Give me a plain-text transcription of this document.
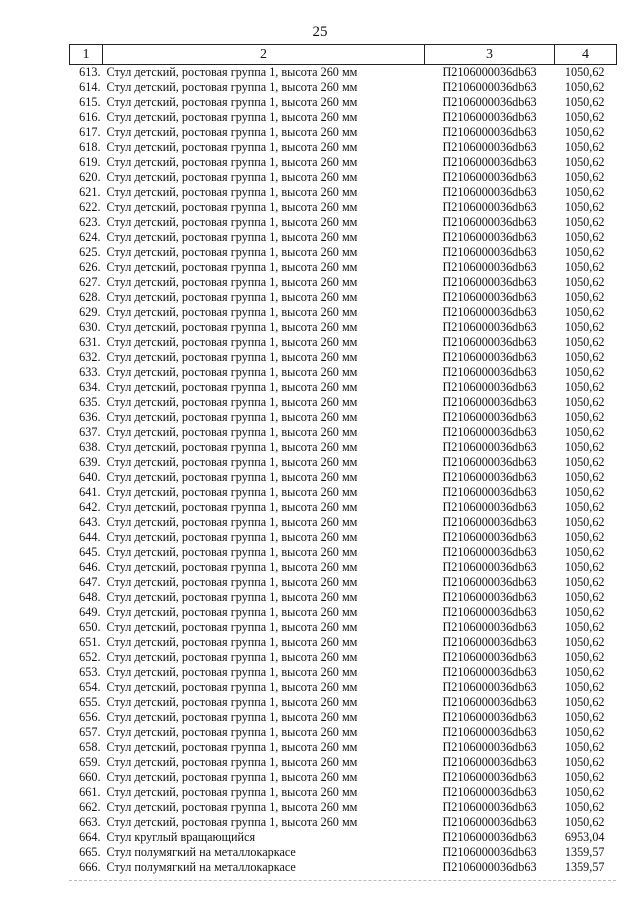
25
1	2	3	4
613.	Стул детский, ростовая группа 1, высота 260 мм	П2106000036db63	1050,62
614.	Стул детский, ростовая группа 1, высота 260 мм	П2106000036db63	1050,62
615.	Стул детский, ростовая группа 1, высота 260 мм	П2106000036db63	1050,62
616.	Стул детский, ростовая группа 1, высота 260 мм	П2106000036db63	1050,62
617.	Стул детский, ростовая группа 1, высота 260 мм	П2106000036db63	1050,62
618.	Стул детский, ростовая группа 1, высота 260 мм	П2106000036db63	1050,62
619.	Стул детский, ростовая группа 1, высота 260 мм	П2106000036db63	1050,62
620.	Стул детский, ростовая группа 1, высота 260 мм	П2106000036db63	1050,62
621.	Стул детский, ростовая группа 1, высота 260 мм	П2106000036db63	1050,62
622.	Стул детский, ростовая группа 1, высота 260 мм	П2106000036db63	1050,62
623.	Стул детский, ростовая группа 1, высота 260 мм	П2106000036db63	1050,62
624.	Стул детский, ростовая группа 1, высота 260 мм	П2106000036db63	1050,62
625.	Стул детский, ростовая группа 1, высота 260 мм	П2106000036db63	1050,62
626.	Стул детский, ростовая группа 1, высота 260 мм	П2106000036db63	1050,62
627.	Стул детский, ростовая группа 1, высота 260 мм	П2106000036db63	1050,62
628.	Стул детский, ростовая группа 1, высота 260 мм	П2106000036db63	1050,62
629.	Стул детский, ростовая группа 1, высота 260 мм	П2106000036db63	1050,62
630.	Стул детский, ростовая группа 1, высота 260 мм	П2106000036db63	1050,62
631.	Стул детский, ростовая группа 1, высота 260 мм	П2106000036db63	1050,62
632.	Стул детский, ростовая группа 1, высота 260 мм	П2106000036db63	1050,62
633.	Стул детский, ростовая группа 1, высота 260 мм	П2106000036db63	1050,62
634.	Стул детский, ростовая группа 1, высота 260 мм	П2106000036db63	1050,62
635.	Стул детский, ростовая группа 1, высота 260 мм	П2106000036db63	1050,62
636.	Стул детский, ростовая группа 1, высота 260 мм	П2106000036db63	1050,62
637.	Стул детский, ростовая группа 1, высота 260 мм	П2106000036db63	1050,62
638.	Стул детский, ростовая группа 1, высота 260 мм	П2106000036db63	1050,62
639.	Стул детский, ростовая группа 1, высота 260 мм	П2106000036db63	1050,62
640.	Стул детский, ростовая группа 1, высота 260 мм	П2106000036db63	1050,62
641.	Стул детский, ростовая группа 1, высота 260 мм	П2106000036db63	1050,62
642.	Стул детский, ростовая группа 1, высота 260 мм	П2106000036db63	1050,62
643.	Стул детский, ростовая группа 1, высота 260 мм	П2106000036db63	1050,62
644.	Стул детский, ростовая группа 1, высота 260 мм	П2106000036db63	1050,62
645.	Стул детский, ростовая группа 1, высота 260 мм	П2106000036db63	1050,62
646.	Стул детский, ростовая группа 1, высота 260 мм	П2106000036db63	1050,62
647.	Стул детский, ростовая группа 1, высота 260 мм	П2106000036db63	1050,62
648.	Стул детский, ростовая группа 1, высота 260 мм	П2106000036db63	1050,62
649.	Стул детский, ростовая группа 1, высота 260 мм	П2106000036db63	1050,62
650.	Стул детский, ростовая группа 1, высота 260 мм	П2106000036db63	1050,62
651.	Стул детский, ростовая группа 1, высота 260 мм	П2106000036db63	1050,62
652.	Стул детский, ростовая группа 1, высота 260 мм	П2106000036db63	1050,62
653.	Стул детский, ростовая группа 1, высота 260 мм	П2106000036db63	1050,62
654.	Стул детский, ростовая группа 1, высота 260 мм	П2106000036db63	1050,62
655.	Стул детский, ростовая группа 1, высота 260 мм	П2106000036db63	1050,62
656.	Стул детский, ростовая группа 1, высота 260 мм	П2106000036db63	1050,62
657.	Стул детский, ростовая группа 1, высота 260 мм	П2106000036db63	1050,62
658.	Стул детский, ростовая группа 1, высота 260 мм	П2106000036db63	1050,62
659.	Стул детский, ростовая группа 1, высота 260 мм	П2106000036db63	1050,62
660.	Стул детский, ростовая группа 1, высота 260 мм	П2106000036db63	1050,62
661.	Стул детский, ростовая группа 1, высота 260 мм	П2106000036db63	1050,62
662.	Стул детский, ростовая группа 1, высота 260 мм	П2106000036db63	1050,62
663.	Стул детский, ростовая группа 1, высота 260 мм	П2106000036db63	1050,62
664.	Стул круглый вращающийся	П2106000036db63	6953,04
665.	Стул полумягкий на металлокаркасе	П2106000036db63	1359,57
666.	Стул полумягкий на металлокаркасе	П2106000036db63	1359,57
